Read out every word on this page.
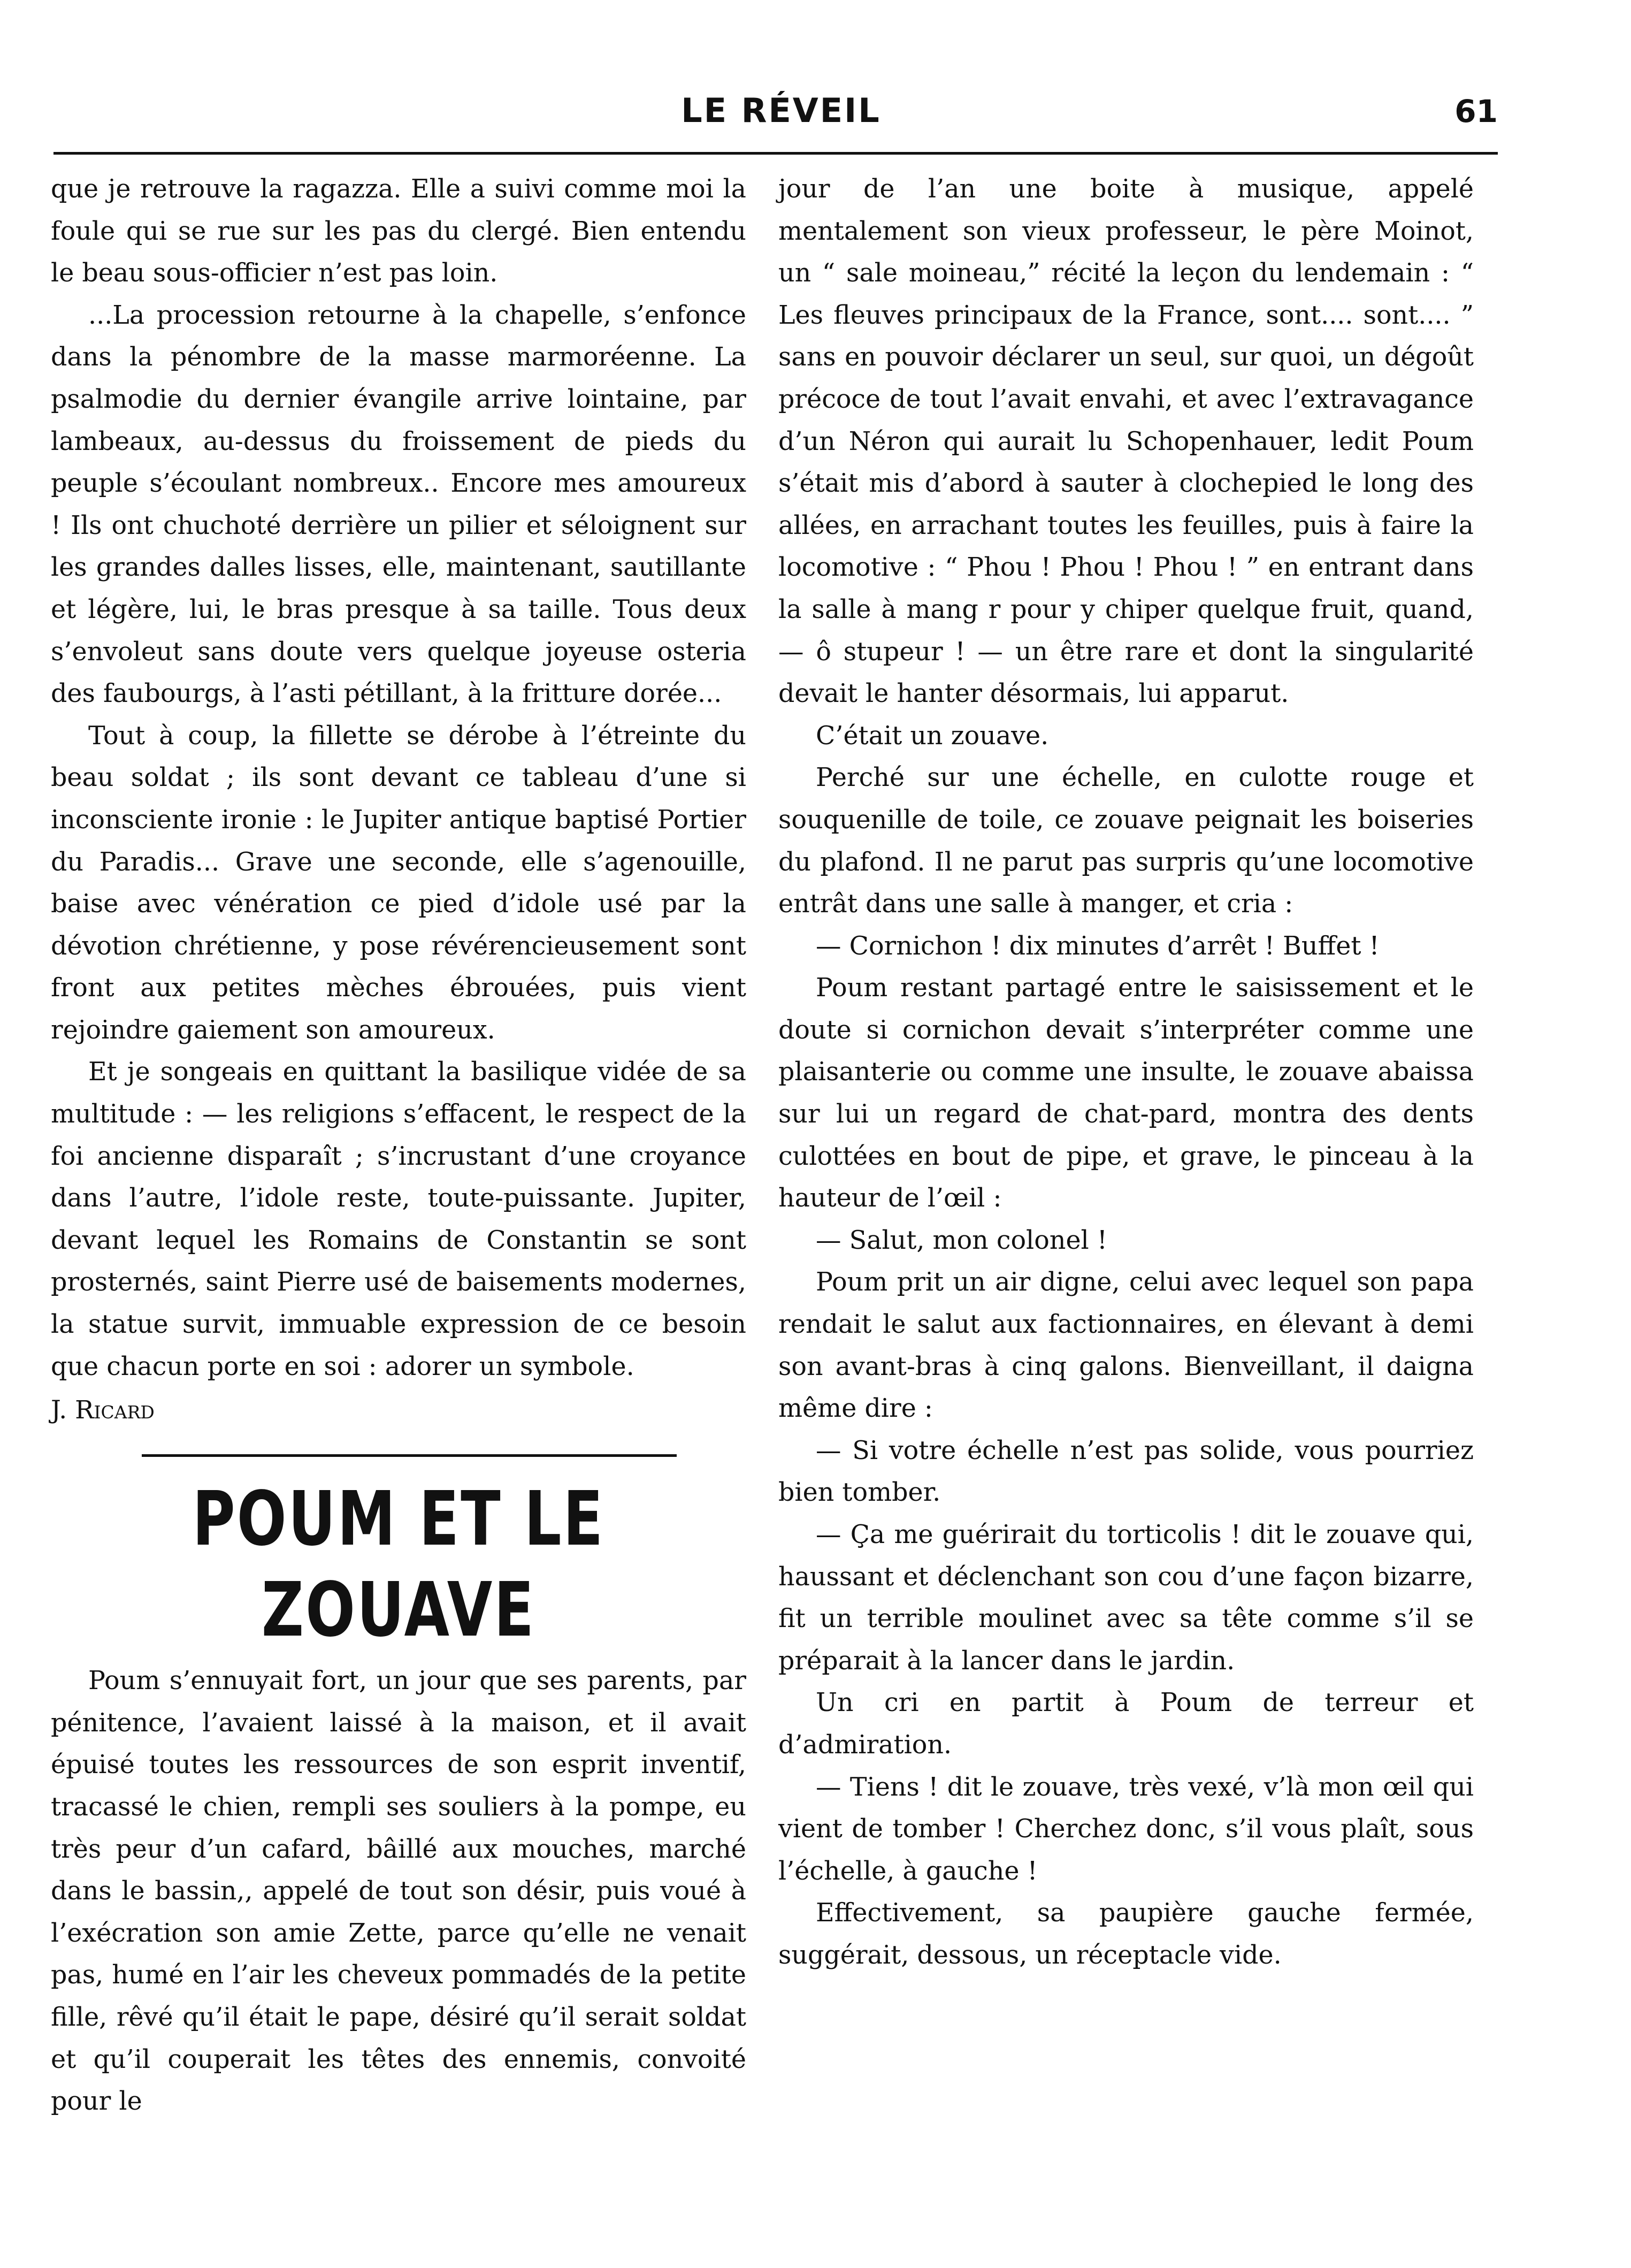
LE RÉVEIL	61

que je retrouve la ragazza. Elle a suivi comme moi la foule qui se rue sur les pas du clergé. Bien entendu le beau sous-officier n’est pas loin.

...La procession retourne à la chapelle, s’enfonce dans la pénombre de la masse marmoréenne. La psalmodie du dernier évangile arrive lointaine, par lambeaux, au-dessus du froissement de pieds du peuple s’écoulant nombreux.. Encore mes amoureux ! Ils ont chuchoté derrière un pilier et séloignent sur les grandes dalles lisses, elle, maintenant, sautillante et légère, lui, le bras presque à sa taille. Tous deux s’envoleut sans doute vers quelque joyeuse osteria des faubourgs, à l’asti pétillant, à la fritture dorée...

Tout à coup, la fillette se dérobe à l’étreinte du beau soldat ; ils sont devant ce tableau d’une si inconsciente ironie : le Jupiter antique baptisé Portier du Paradis... Grave une seconde, elle s’agenouille, baise avec vénération ce pied d’idole usé par la dévotion chrétienne, y pose révérencieusement sont front aux petites mèches ébrouées, puis vient rejoindre gaiement son amoureux.

Et je songeais en quittant la basilique vidée de sa multitude : — les religions s’effacent, le respect de la foi ancienne disparaît ; s’incrustant d’une croyance dans l’autre, l’idole reste, toute-puissante. Jupiter, devant lequel les Romains de Constantin se sont prosternés, saint Pierre usé de baisements modernes, la statue survit, immuable expression de ce besoin que chacun porte en soi : adorer un symbole.

J. Ricard

POUM ET LE ZOUAVE

Poum s’ennuyait fort, un jour que ses parents, par pénitence, l’avaient laissé à la maison, et il avait épuisé toutes les ressources de son esprit inventif, tracassé le chien, rempli ses souliers à la pompe, eu très peur d’un cafard, bâillé aux mouches, marché dans le bassin,, appelé de tout son désir, puis voué à l’exécration son amie Zette, parce qu’elle ne venait pas, humé en l’air les cheveux pommadés de la petite fille, rêvé qu’il était le pape, désiré qu’il serait soldat et qu’il couperait les têtes des ennemis, convoité pour le

jour de l’an une boite à musique, appelé mentalement son vieux professeur, le père Moinot, un “ sale moineau,” récité la leçon du lendemain : “ Les fleuves principaux de la France, sont.... sont.... ” sans en pouvoir déclarer un seul, sur quoi, un dégoût précoce de tout l’avait envahi, et avec l’extravagance d’un Néron qui aurait lu Schopenhauer, ledit Poum s’était mis d’abord à sauter à clochepied le long des allées, en arrachant toutes les feuilles, puis à faire la locomotive : “ Phou ! Phou ! Phou ! ” en entrant dans la salle à mang r pour y chiper quelque fruit, quand, — ô stupeur ! — un être rare et dont la singularité devait le hanter désormais, lui apparut.

C’était un zouave.

Perché sur une échelle, en culotte rouge et souquenille de toile, ce zouave peignait les boiseries du plafond. Il ne parut pas surpris qu’une locomotive entrât dans une salle à manger, et cria :

— Cornichon ! dix minutes d’arrêt ! Buffet !

Poum restant partagé entre le saisissement et le doute si cornichon devait s’interpréter comme une plaisanterie ou comme une insulte, le zouave abaissa sur lui un regard de chat-pard, montra des dents culottées en bout de pipe, et grave, le pinceau à la hauteur de l’œil :

— Salut, mon colonel !

Poum prit un air digne, celui avec lequel son papa rendait le salut aux factionnaires, en élevant à demi son avant-bras à cinq galons. Bienveillant, il daigna même dire :

— Si votre échelle n’est pas solide, vous pourriez bien tomber.

— Ça me guérirait du torticolis ! dit le zouave qui, haussant et déclenchant son cou d’une façon bizarre, fit un terrible moulinet avec sa tête comme s’il se préparait à la lancer dans le jardin.

Un cri en partit à Poum de terreur et d’admiration.

— Tiens ! dit le zouave, très vexé, v’là mon œil qui vient de tomber ! Cherchez donc, s’il vous plaît, sous l’échelle, à gauche !

Effectivement, sa paupière gauche fermée, suggérait, dessous, un réceptacle vide.
